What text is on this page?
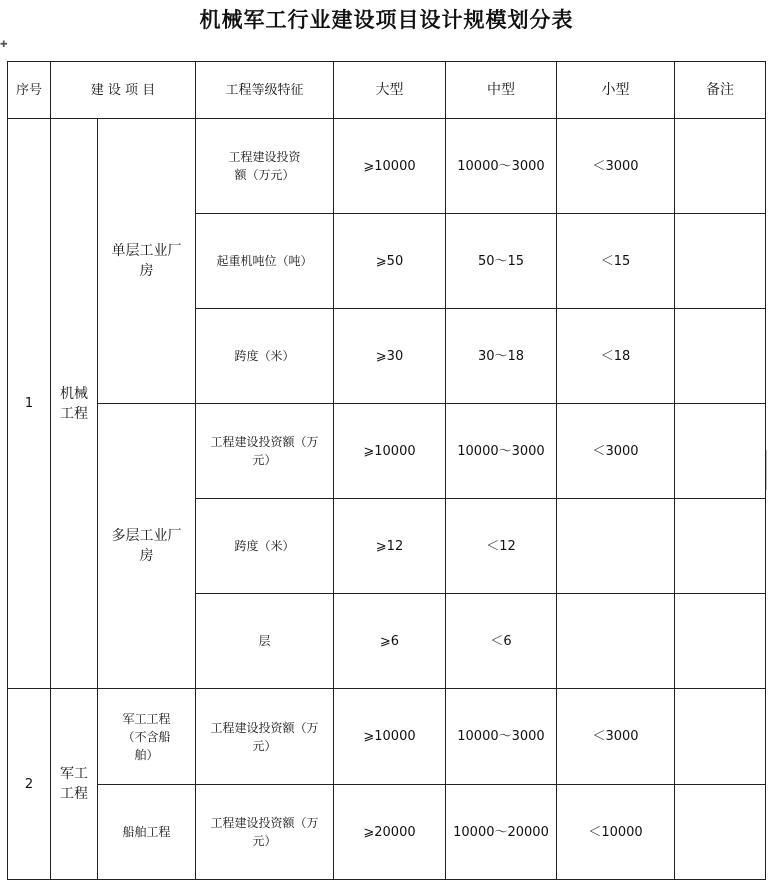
机械军工行业建设项目设计规模划分表
✚
序号	建 设 项 目		工程等级特征	大型	中型	小型	备注
1	机械工程	单层工业厂房	工程建设投资额（万元）	⩾10000	10000～3000	＜3000	
			起重机吨位（吨）	⩾50	50～15	＜15	
			跨度（米）	⩾30	30～18	＜18	
		多层工业厂房	工程建设投资额（万元）	⩾10000	10000～3000	＜3000	
			跨度（米）	⩾12	＜12		
			层	⩾6	＜6		
2	军工工程	军工工程（不含船舶）	工程建设投资额（万元）	⩾10000	10000～3000	＜3000	
		船舶工程	工程建设投资额（万元）	⩾20000	10000～20000	＜10000	
